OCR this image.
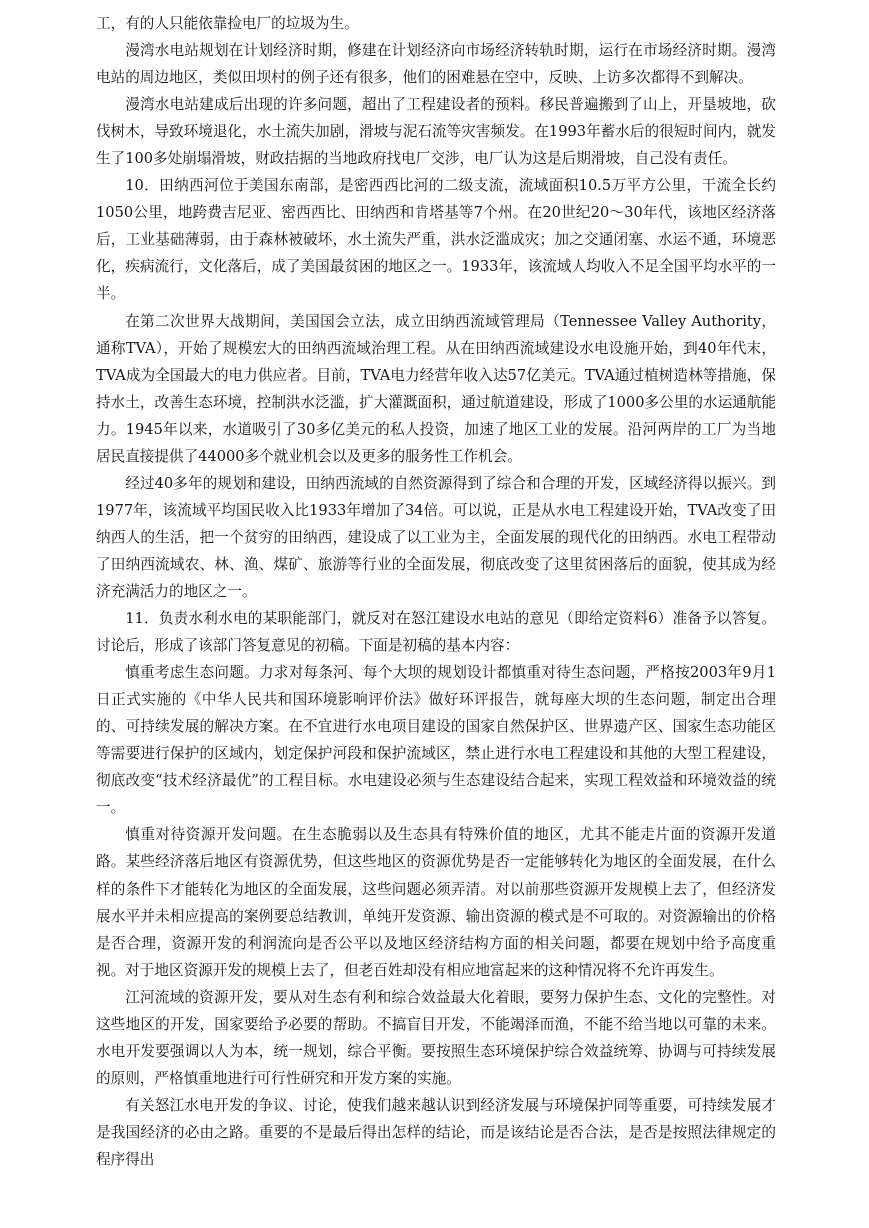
工，有的人只能依靠捡电厂的垃圾为生。

漫湾水电站规划在计划经济时期，修建在计划经济向市场经济转轨时期，运行在市场经济时期。漫湾电站的周边地区，类似田坝村的例子还有很多，他们的困难悬在空中，反映、上访多次都得不到解决。

漫湾水电站建成后出现的许多问题，超出了工程建设者的预料。移民普遍搬到了山上，开垦坡地，砍伐树木，导致环境退化，水土流失加剧，滑坡与泥石流等灾害频发。在1993年蓄水后的很短时间内，就发生了100多处崩塌滑坡，财政拮据的当地政府找电厂交涉，电厂认为这是后期滑坡，自己没有责任。

10．田纳西河位于美国东南部，是密西西比河的二级支流，流域面积10.5万平方公里，干流全长约1050公里，地跨费吉尼亚、密西西比、田纳西和肯塔基等7个州。在20世纪20～30年代，该地区经济落后，工业基础薄弱，由于森林被破坏，水土流失严重，洪水泛滥成灾；加之交通闭塞、水运不通，环境恶化，疾病流行，文化落后，成了美国最贫困的地区之一。1933年，该流域人均收入不足全国平均水平的一半。

在第二次世界大战期间，美国国会立法，成立田纳西流域管理局（Tennessee Valley Authority，通称TVA），开始了规模宏大的田纳西流域治理工程。从在田纳西流域建设水电设施开始，到40年代末，TVA成为全国最大的电力供应者。目前，TVA电力经营年收入达57亿美元。TVA通过植树造林等措施，保持水土，改善生态环境，控制洪水泛滥，扩大灌溉面积，通过航道建设，形成了1000多公里的水运通航能力。1945年以来，水道吸引了30多亿美元的私人投资，加速了地区工业的发展。沿河两岸的工厂为当地居民直接提供了44000多个就业机会以及更多的服务性工作机会。

经过40多年的规划和建设，田纳西流域的自然资源得到了综合和合理的开发，区域经济得以振兴。到1977年，该流域平均国民收入比1933年增加了34倍。可以说，正是从水电工程建设开始，TVA改变了田纳西人的生活，把一个贫穷的田纳西，建设成了以工业为主，全面发展的现代化的田纳西。水电工程带动了田纳西流域农、林、渔、煤矿、旅游等行业的全面发展，彻底改变了这里贫困落后的面貌，使其成为经济充满活力的地区之一。

11．负责水利水电的某职能部门，就反对在怒江建设水电站的意见（即给定资料6）准备予以答复。讨论后，形成了该部门答复意见的初稿。下面是初稿的基本内容：

慎重考虑生态问题。力求对每条河、每个大坝的规划设计都慎重对待生态问题，严格按2003年9月1日正式实施的《中华人民共和国环境影响评价法》做好环评报告，就每座大坝的生态问题，制定出合理的、可持续发展的解决方案。在不宜进行水电项目建设的国家自然保护区、世界遗产区、国家生态功能区等需要进行保护的区域内，划定保护河段和保护流域区，禁止进行水电工程建设和其他的大型工程建设，彻底改变“技术经济最优”的工程目标。水电建设必须与生态建设结合起来，实现工程效益和环境效益的统一。

慎重对待资源开发问题。在生态脆弱以及生态具有特殊价值的地区，尤其不能走片面的资源开发道路。某些经济落后地区有资源优势，但这些地区的资源优势是否一定能够转化为地区的全面发展，在什么样的条件下才能转化为地区的全面发展，这些问题必须弄清。对以前那些资源开发规模上去了，但经济发展水平并未相应提高的案例要总结教训，单纯开发资源、输出资源的模式是不可取的。对资源输出的价格是否合理，资源开发的利润流向是否公平以及地区经济结构方面的相关问题，都要在规划中给予高度重视。对于地区资源开发的规模上去了，但老百姓却没有相应地富起来的这种情况将不允许再发生。

江河流域的资源开发，要从对生态有利和综合效益最大化着眼，要努力保护生态、文化的完整性。对这些地区的开发，国家要给予必要的帮助。不搞盲目开发，不能竭泽而渔，不能不给当地以可靠的未来。水电开发要强调以人为本，统一规划，综合平衡。要按照生态环境保护综合效益统筹、协调与可持续发展的原则，严格慎重地进行可行性研究和开发方案的实施。

有关怒江水电开发的争议、讨论，使我们越来越认识到经济发展与环境保护同等重要，可持续发展才是我国经济的必由之路。重要的不是最后得出怎样的结论，而是该结论是否合法，是否是按照法律规定的程序得出
